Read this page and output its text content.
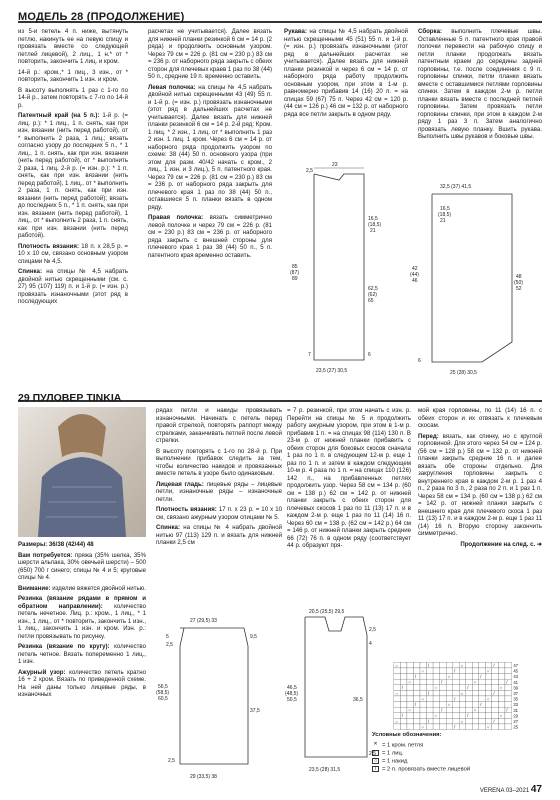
МОДЕЛЬ 28 (ПРОДОЛЖЕНИЕ)

из 5-и петель 4 п. ниже, вытянуть петлю, накинуть ее на левую спицу и провязать вместе со следующей петлей лицевой), 2 лиц., 1 н.* от * повторить, закончить 1 лиц. и кром.

14-й р.: кром.,* 1 лиц., 3 изн., от * повторить, закончить 1 изн. и кром.

В высоту выполнять 1 раз с 1-го по 14-й р., затем повторять с 7-го по 14-й р.

Патентный край (на 5 п.): 1-й р. (= лиц. р.): * 1 лиц., 1 п. снять, как при изн. вязании (нить перед работой), от * выполнить 2 раза, 1 лиц.; вязать согласно узору до последних 5 п., * 1 лиц., 1 п. снять, как при изн. вязании (нить перед работой), от * выполнить 2 раза, 1 лиц. 2-й р. (= изн. р.): * 1 п. снять, как при изн. вязании (нить перед работой), 1 лиц., от * выполнить 2 раза, 1 п. снять, как при изн. вязании (нить перед работой); вязать до последних 5 п., * 1 п. снять, как при изн. вязании (нить перед работой), 1 лиц., от * выполнить 2 раза, 1 п. снять, как при изн. вязании (нить перед работой).

Плотность вязания: 18 п. х 28,5 р. = 10 х 10 см, связано основным узором спицами № 4,5.

Спинка: на спицы № 4,5 набрать двойной нитью скрещенными (см. с. 27) 95 (107) 119) п. и 1-й р. (= изн. р.) провязать изнаночными (этот ряд в последующих

расчетах не учитывается). Далее вязать для нижней планки резинкой 6 см = 14 р. (2 ряда) и продолжить основным узором. Через 79 см = 226 р. (81 см = 230 р.) 83 см = 236 р. от наборного ряда закрыть с обеих сторон для плечевых краев 1 раз по 38 (44) 50 п., средние 19 п. временно оставить.

Левая полочка: на спицы № 4,5 набрать двойной нитью скрещенными 43 (49) 55 п. и 1-й р. (= изн. р.) провязать изнаночными (этот ряд в дальнейших расчетах не учитывается). Далее вязать для нижней планки резинкой 6 см = 14 р. 2-й ряд: Кром. 1 лиц. * 2 изн., 1 лиц. от * выполнить 1 раз 2 изн. 1 лиц. 1 кром. Через 6 см = 14 р. от наборного ряда продолжить узором по схеме: 38 (44) 50 п. основного узора (при этом для разм. 40/42 начать с кром., 2 лиц., 1 изн. и 3 лиц.), 5 п. патентного края. Через 79 см = 226 р. (81 см = 230 р.) 83 см = 236 р. от наборного ряда закрыть для плечевого края 1 раз по 38 (44) 50 п., оставшиеся 5 п. планки вязать в одном ряду.

Правая полочка: вязать симметрично левой полочке и через 79 см = 226 р. (81 см = 230 р.) 83 см = 236 р. от наборного ряда закрыть с внешней стороны для плечевого края 1 раз 38 (44) 50 п., 5 п. патентного края временно оставить.

Рукава: на спицы № 4,5 набрать двойной нитью скрещенными 45 (51) 55 п. и 1-й р. (= изн. р.) провязать изнаночными (этот ряд в дальнейших расчетах не учитывается). Далее вязать для нижней планки резинкой и через 6 см = 14 р. от наборного ряда работу продолжить основным узором, при этом в 1-м р. равномерно прибавив 14 (16) 20 п. = на спицах 59 (67) 75 п. Через 42 см = 120 р. (44 см = 126 р.) 46 см = 132 р. от наборного ряда все петли закрыть в одном ряду.

Сборка: выполнить плечевые швы. Оставленные 5 п. патентного края правой полочки перевести на рабочую спицу и петли планки продолжать вязать патентным краем до середины задней горловины, т.е. после соединения с 9 п. горловины спинки, петли планки вязать вместе с оставшимися петлями горловины спинки. Затем в каждом 2-м р. петли планки вязать вместе с последней петлей горловины. Затем провязать петли горловины спинки, при этом в каждом 2-м ряду 1 раз 3 п. Затем аналогично провязать левую планку. Вшить рукава. Выполнить швы рукавов и боковые швы.

23
2,5
16,5
(18,5)
21
85
(87)
89
62,5
(62)
65
6
23,5 (27) 30,5
7
32,5 (37) 41,5
42
(44)
46
48
(50)
52
16,5
(18,5)
21
6
25 (28) 30,5
29 ПУЛОВЕР TINKIA

Размеры: 36/38 (42/44) 48

Вам потребуется: пряжа (35% шелка, 35% шерсти альпака, 30% овечьей шерсти) – 500 (650) 700 г синего; спицы № 4 и 5; круговые спицы № 4.

Внимание: изделие вяжется двойной нитью.

Резинка (вязание рядами в прямом и обратном направлении): количество петель нечетное. Лиц. р.: кром., 1 лиц., * 1 изн., 1 лиц., от * повторить, закончить 1 изн., 1 лиц., закончить 1 изн. и кром. Изн. р.: петли провязывать по рисунку.

Резинка (вязание по кругу): количество петель четное. Вязать попеременно 1 лиц., 1 изн.

Ажурный узор: количество петель кратно 16 + 2 кром. Вязать по приведенной схеме. На ней даны только лицевые ряды, в изнаночных

рядах петли и накиды провязывать изнаночными. Начинать с петель перед правой стрелкой, повторять раппорт между стрелками, заканчивать петлей после левой стрелки.

В высоту повторять с 1-го по 28-й р. При выполнении прибавок следить за тем, чтобы количество накидов и провязанных вместе петель в узоре было одинаковым.

Лицевая гладь: лицевые ряды – лицевые петли, изнаночные ряды – изнаночные петли.

Плотность вязания: 17 п. х 23 р. = 10 х 10 см, связано ажурным узором спицами № 5.

Спинка: на спицы № 4 набрать двойной нитью 97 (113) 129 п. и вязать для нижней планки 2,5 см

27 (29,5) 33
9,5
5
2,5
56,5
(58,5)
60,5
37,5
29 (33,5) 38
2,5

= 7 р. резинкой, при этом начать с изн. р. Перейти на спицы № 5 и продолжить работу ажурным узором, при этом в 1-м р. прибавив 1 п. = на спицах 98 (114) 130 п. В 23-м р. от нижней планки прибавить с обеих сторон для боковых скосов сначала 1 раз по 1 п. в следующем 12-м р. еще 1 раз по 1 п. и затем в каждом следующем 10-м р. 4 раза по 1 п. = на спицах 110 (126) 142 п., на прибавленных петлях продолжить узор. Через 58 см = 134 р. (60 см = 138 р.) 62 см = 142 р. от нижней планки закрыть с обеих сторон для плечевых скосов 1 раз по 11 (13) 17 п. и в каждом 2-м р. еще 1 раз по 11 (14) 16 п. Через 60 см = 138 р. (62 см = 142 р.) 64 см = 146 р. от нижней планки закрыть средние 66 (72) 76 п. в одном ряду (соответствует 44 р. образуют пря-

20,5 (25,5) 29,5
2,5
4
46,5
(48,5)
50,5	36,5
2,5
23,5 (28) 31,5

мой края горловины, по 11 (14) 16 п. с обеих сторон и их отвязать к плечевым скосам.

Перед: вязать, как спинку, но с круглой горловиной. Для этого через 54 см = 124 р. (56 см = 128 р.) 58 см = 132 р. от нижней планки закрыть средние 16 п. и далее вязать обе стороны отдельно. Для закругления горловины закрыть с внутреннего края в каждом 2-м р. 1 раз 4 п., 2 раза по 3 п., 2 раза по 2 п. и 1 раз 1 п. Через 58 см = 134 р. (60 см = 138 р.) 62 см = 142 р. от нижней планки закрыть с внешнего края для плечевого скоса 1 раз 11 (13) 17 п. и в каждом 2-м р. еще 1 раз 11 (14) 16 п. Вторую сторону закончить симметрично.

Продолжение на след. с. ➜

○	/	○	/	47
○	/	○	45
/	○	/	43
○	/	○	/ 41
/	○	/	○ 39
○	/	○	/	37
○	/	○	35
/	○	/	33
○	/	○	/ 31
/	○	/	○ 29
○	/	○	/	27
○	/	○	25
Условные обозначения:
✕ = 1 кром. петля
= 1 лиц.
○ = 1 накид
/ = 2 п. провязать вместе лицевой
VERENA 03–2021 47
